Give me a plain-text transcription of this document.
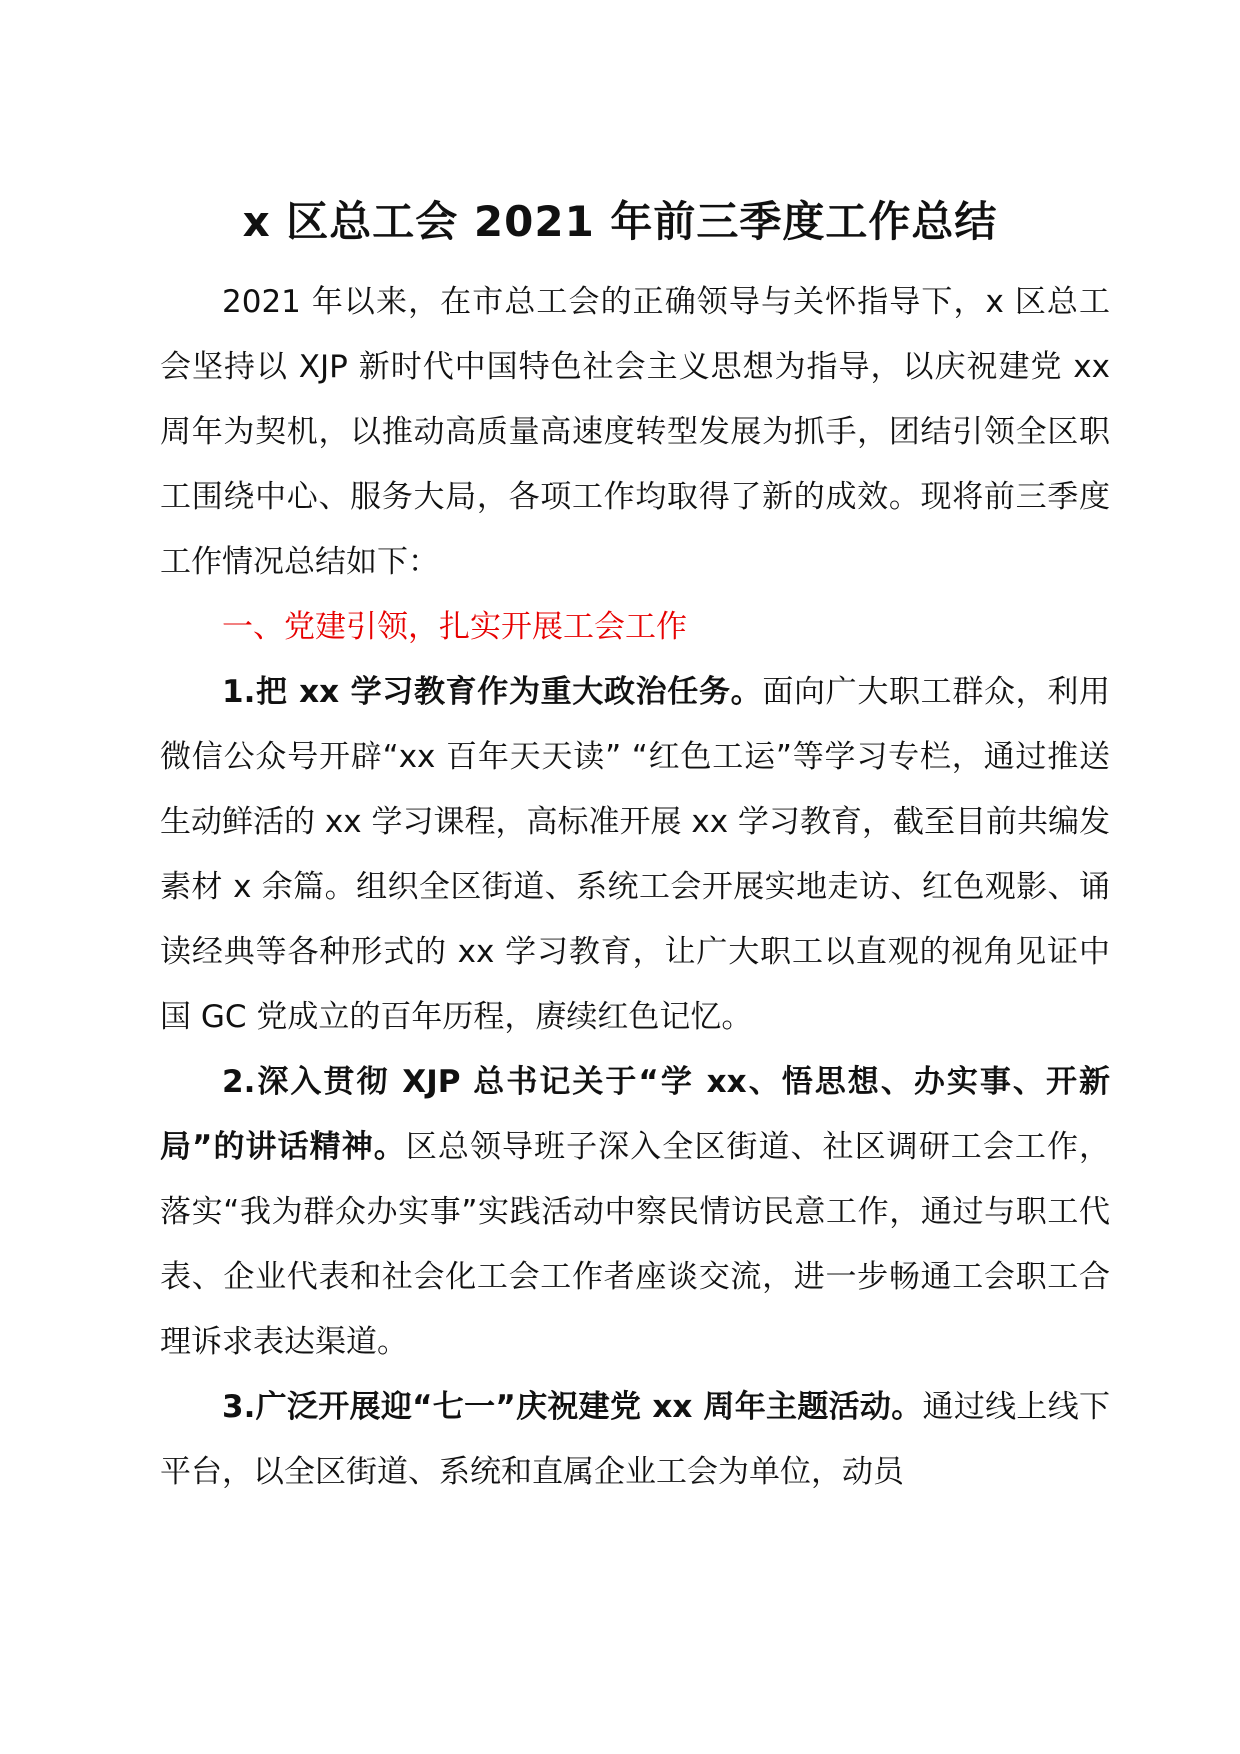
x 区总工会 2021 年前三季度工作总结

2021 年以来，在市总工会的正确领导与关怀指导下，x 区总工会坚持以 XJP 新时代中国特色社会主义思想为指导，以庆祝建党 xx 周年为契机，以推动高质量高速度转型发展为抓手，团结引领全区职工围绕中心、服务大局，各项工作均取得了新的成效。现将前三季度工作情况总结如下：

一、党建引领，扎实开展工会工作

1.把 xx 学习教育作为重大政治任务。面向广大职工群众，利用微信公众号开辟“xx 百年天天读” “红色工运”等学习专栏，通过推送生动鲜活的 xx 学习课程，高标准开展 xx 学习教育，截至目前共编发素材 x 余篇。组织全区街道、系统工会开展实地走访、红色观影、诵读经典等各种形式的 xx 学习教育，让广大职工以直观的视角见证中国 GC 党成立的百年历程，赓续红色记忆。

2.深入贯彻 XJP 总书记关于“学 xx、悟思想、办实事、开新局”的讲话精神。区总领导班子深入全区街道、社区调研工会工作，落实“我为群众办实事”实践活动中察民情访民意工作，通过与职工代表、企业代表和社会化工会工作者座谈交流，进一步畅通工会职工合理诉求表达渠道。

3.广泛开展迎“七一”庆祝建党 xx 周年主题活动。通过线上线下平台，以全区街道、系统和直属企业工会为单位，动员
